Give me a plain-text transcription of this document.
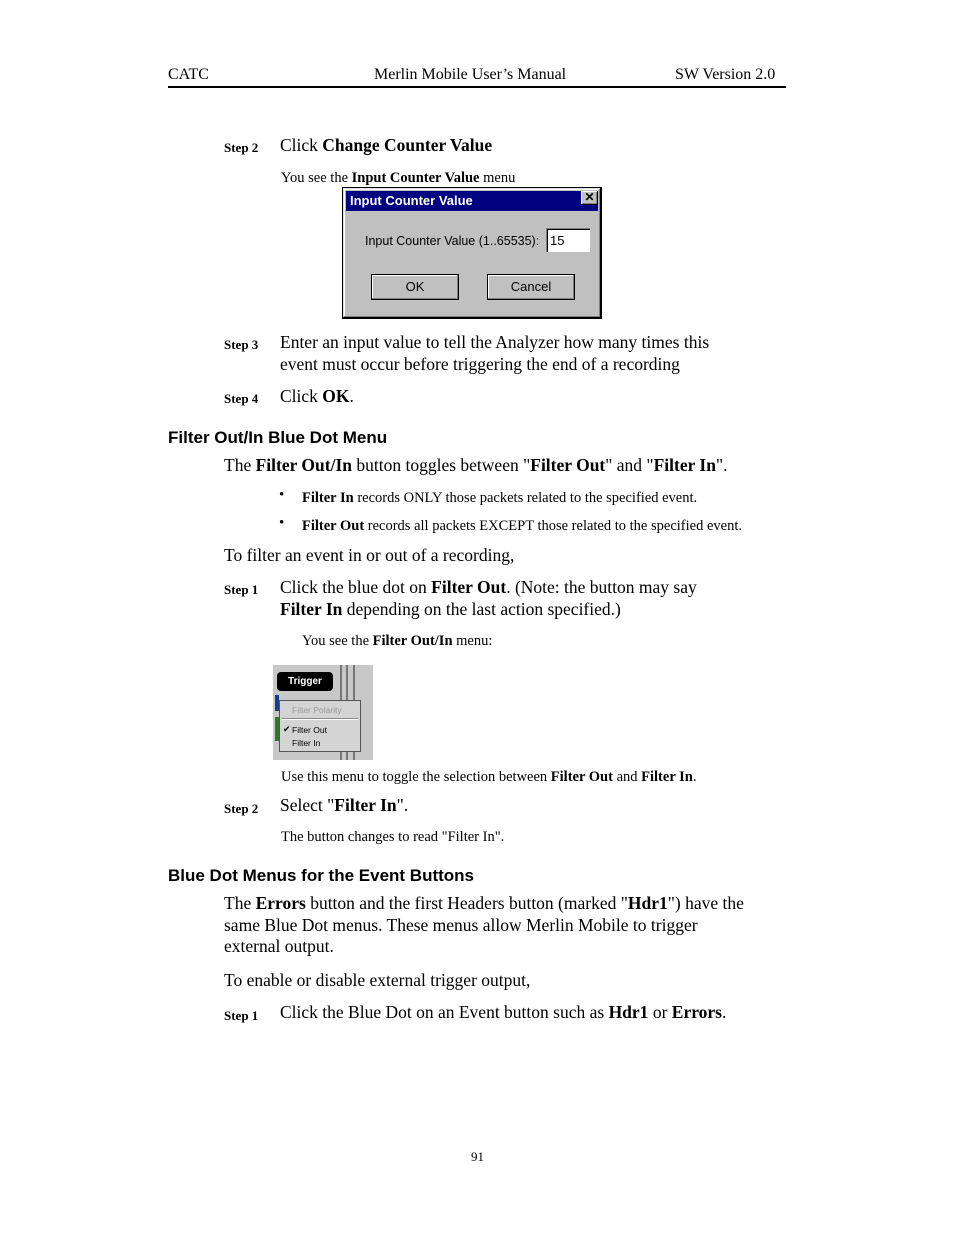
CATC	Merlin Mobile User’s Manual	SW Version 2.0
Step 2 Click Change Counter Value
You see the Input Counter Value menu
Input Counter Value	✕
Input Counter Value (1..65535):
15
OK	Cancel
Step 3 Enter an input value to tell the Analyzer how many times this
event must occur before triggering the end of a recording
Step 4 Click OK.
Filter Out/In Blue Dot Menu
The Filter Out/In button toggles between "Filter Out" and "Filter In".
• Filter In records ONLY those packets related to the specified event.
• Filter Out records all packets EXCEPT those related to the specified event.
To filter an event in or out of a recording,
Step 1 Click the blue dot on Filter Out. (Note: the button may say
Filter In depending on the last action specified.)
You see the Filter Out/In menu:
Trigger
Filter Polarity
✔ Filter Out
Filter In
Use this menu to toggle the selection between Filter Out and Filter In.
Step 2 Select "Filter In".
The button changes to read "Filter In".
Blue Dot Menus for the Event Buttons
The Errors button and the first Headers button (marked "Hdr1") have the
same Blue Dot menus. These menus allow Merlin Mobile to trigger
external output.
To enable or disable external trigger output,
Step 1 Click the Blue Dot on an Event button such as Hdr1 or Errors.
91
